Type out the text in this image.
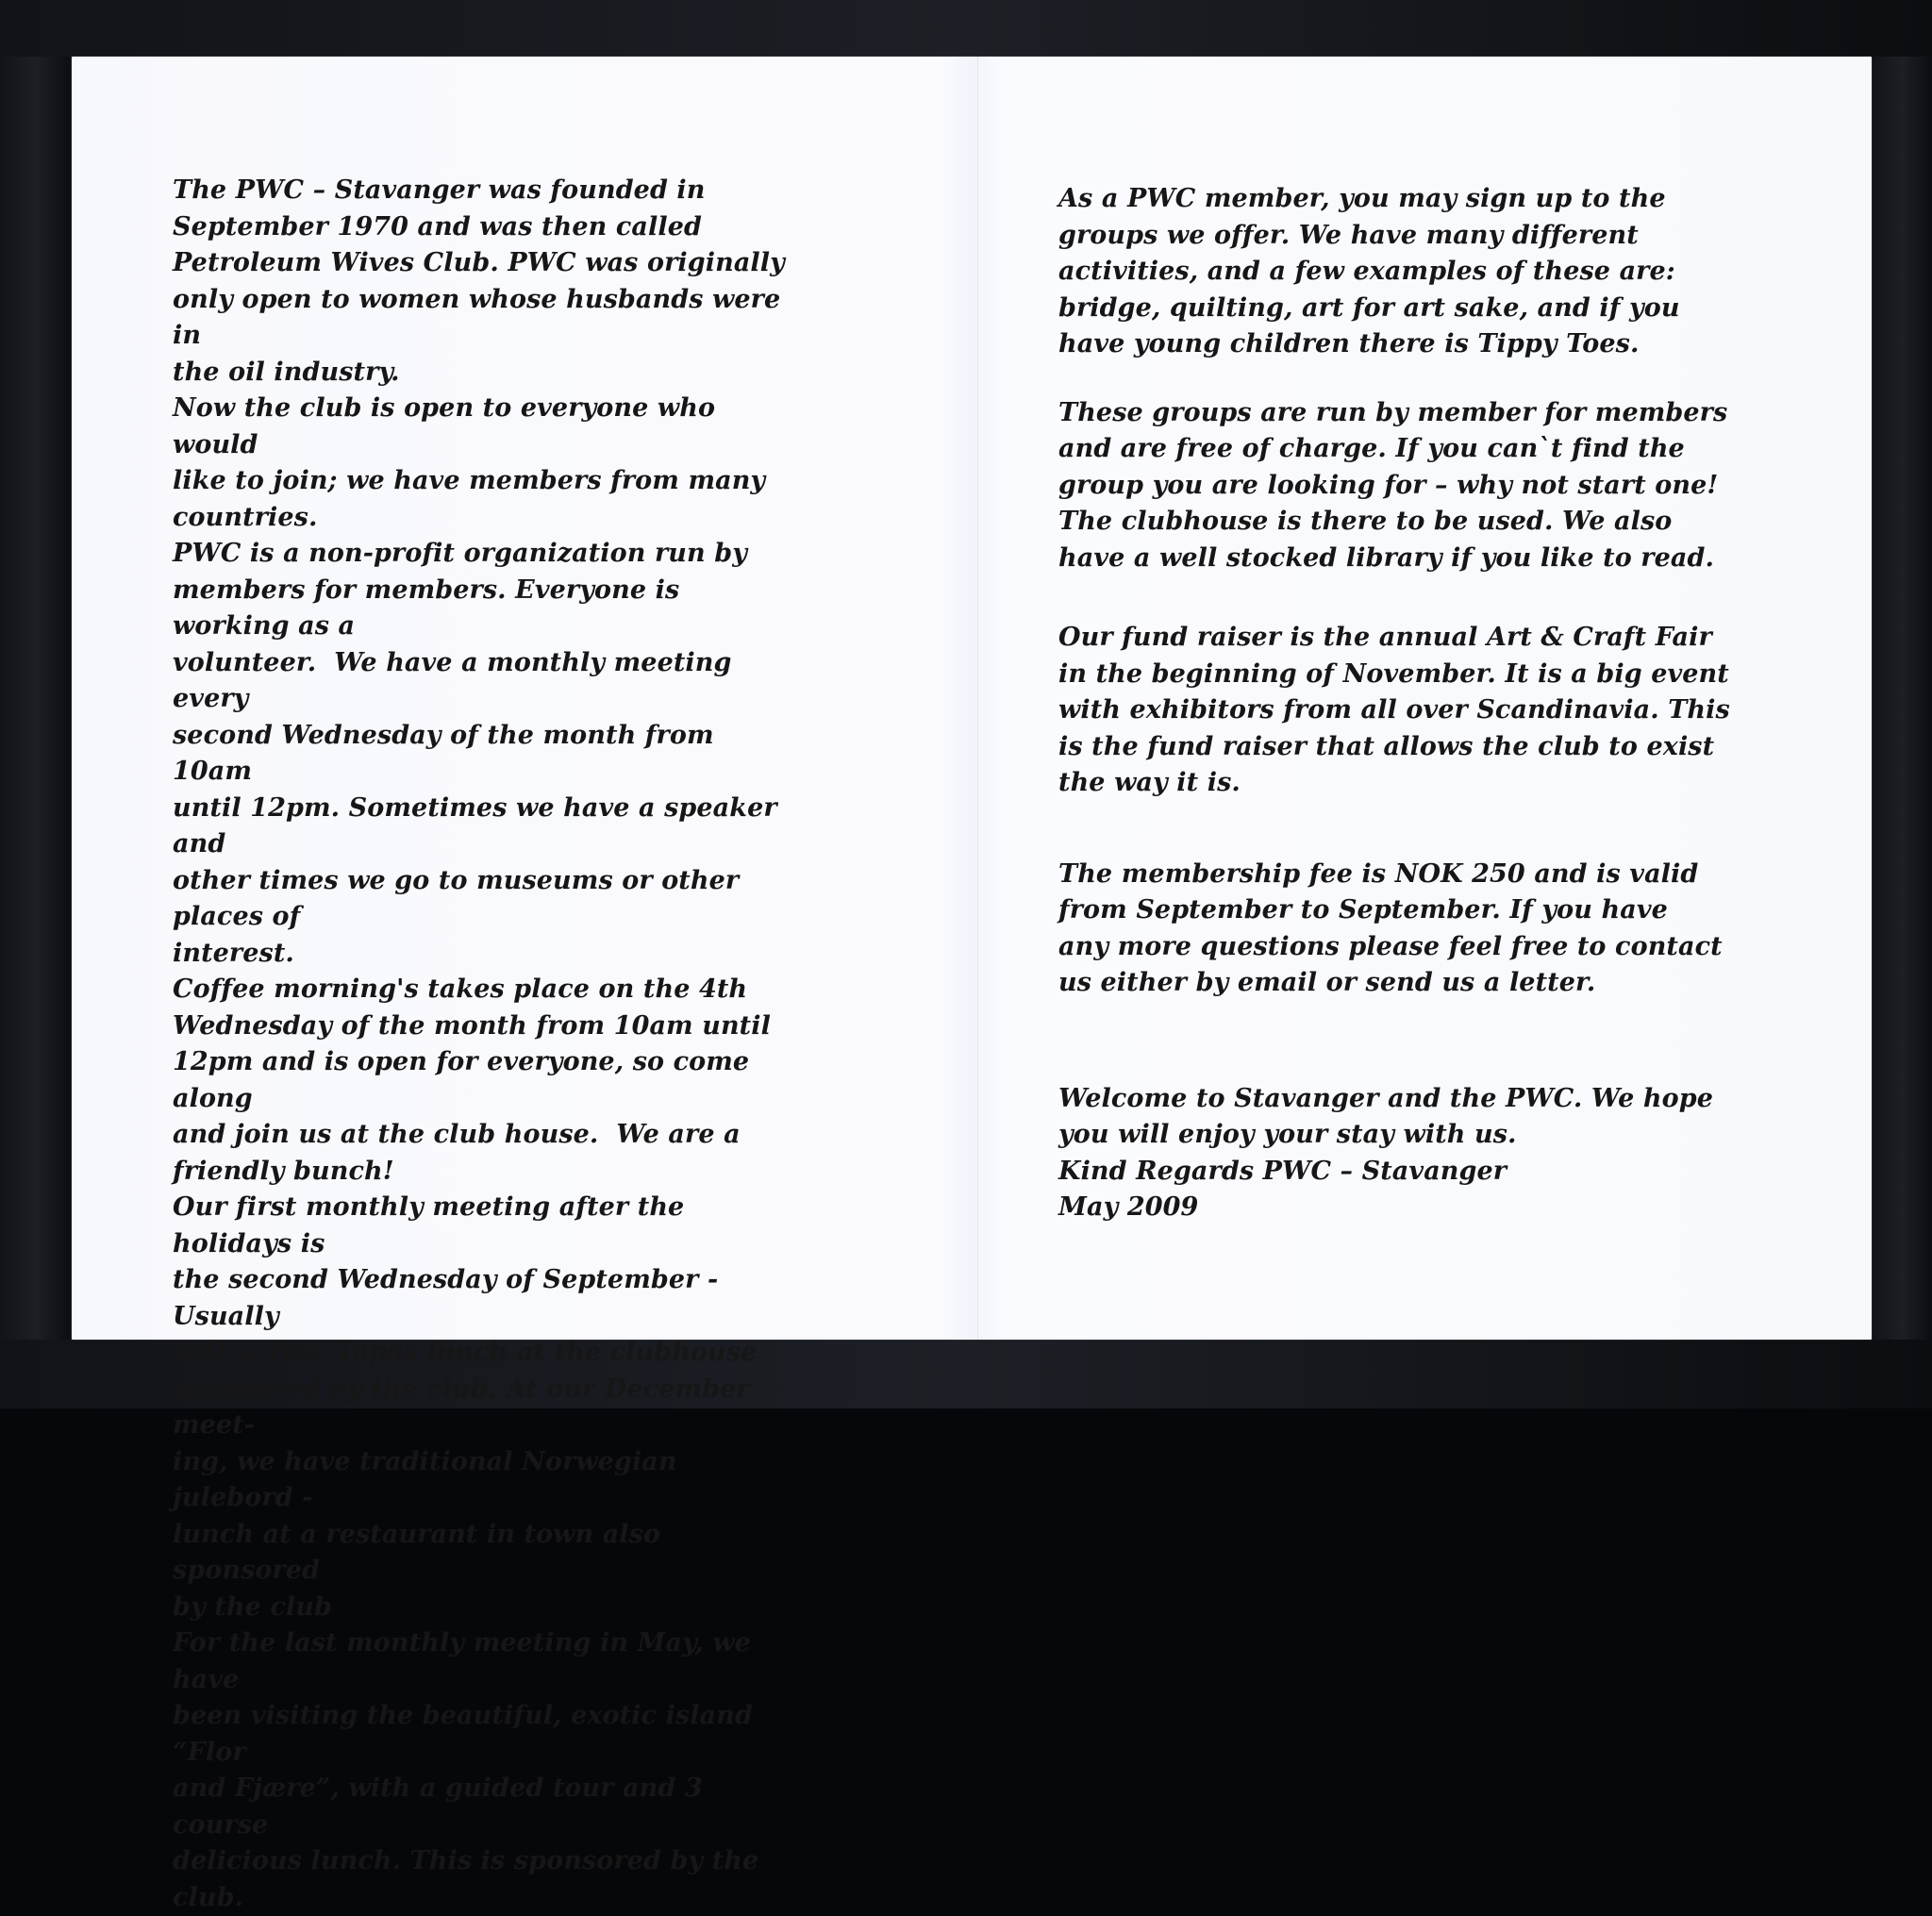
The PWC – Stavanger was founded in
September 1970 and was then called
Petroleum Wives Club. PWC was originally
only open to women whose husbands were in
the oil industry.

Now the club is open to everyone who would
like to join; we have members from many
countries.

PWC is a non-profit organization run by
members for members. Everyone is working as a
volunteer.  We have a monthly meeting every
second Wednesday of the month from 10am
until 12pm. Sometimes we have a speaker and
other times we go to museums or other places of
interest.

Coffee morning's takes place on the 4th
Wednesday of the month from 10am until
12pm and is open for everyone, so come along
and join us at the club house.  We are a
friendly bunch!

Our first monthly meeting after the holidays is
the second Wednesday of September - Usually
with a free Tapas lunch at the clubhouse
sponsored by the club. At our December meet-
ing, we have traditional Norwegian julebord -
lunch at a restaurant in town also sponsored
by the club

For the last monthly meeting in May, we have
been visiting the beautiful, exotic island “Flor
and Fjære”, with a guided tour and 3 course
delicious lunch. This is sponsored by the club.

As a PWC member, you may sign up to the
groups we offer. We have many different
activities, and a few examples of these are:
bridge, quilting, art for art sake, and if you
have young children there is Tippy Toes.

These groups are run by member for members
and are free of charge. If you can`t find the
group you are looking for – why not start one!
The clubhouse is there to be used. We also
have a well stocked library if you like to read.

Our fund raiser is the annual Art & Craft Fair
in the beginning of November. It is a big event
with exhibitors from all over Scandinavia. This
is the fund raiser that allows the club to exist
the way it is.

The membership fee is NOK 250 and is valid
from September to September. If you have
any more questions please feel free to contact
us either by email or send us a letter.

Welcome to Stavanger and the PWC. We hope
you will enjoy your stay with us.

Kind Regards PWC – Stavanger

May 2009
